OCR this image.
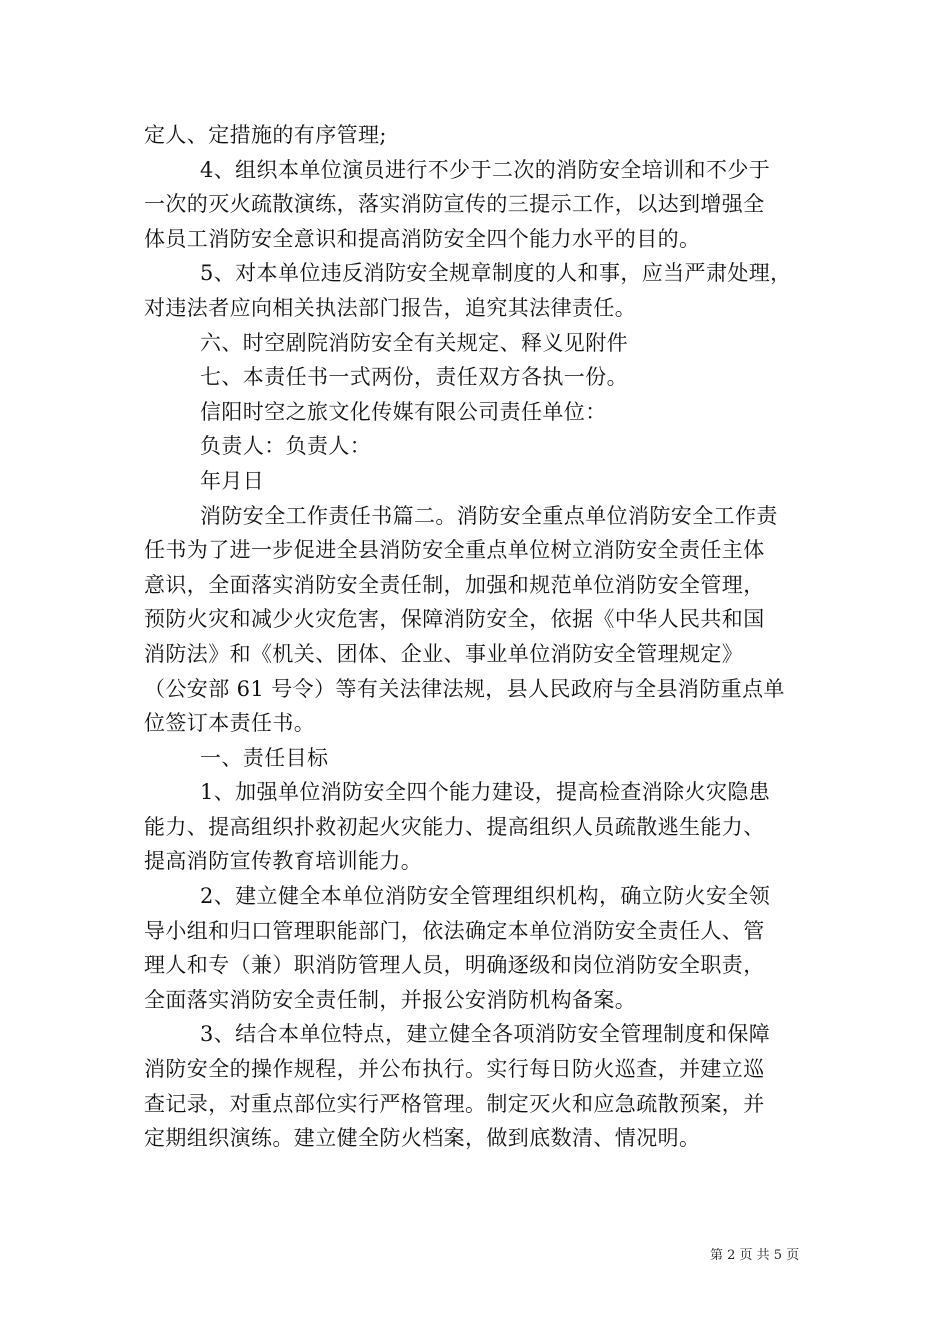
定人、定措施的有序管理;
4、组织本单位演员进行不少于二次的消防安全培训和不少于
一次的灭火疏散演练，落实消防宣传的三提示工作，以达到增强全
体员工消防安全意识和提高消防安全四个能力水平的目的。
5、对本单位违反消防安全规章制度的人和事，应当严肃处理，
对违法者应向相关执法部门报告，追究其法律责任。
六、时空剧院消防安全有关规定、释义见附件
七、本责任书一式两份，责任双方各执一份。
信阳时空之旅文化传媒有限公司责任单位：
负责人：负责人：
年月日
消防安全工作责任书篇二。消防安全重点单位消防安全工作责
任书为了进一步促进全县消防安全重点单位树立消防安全责任主体
意识，全面落实消防安全责任制，加强和规范单位消防安全管理，
预防火灾和减少火灾危害，保障消防安全，依据《中华人民共和国
消防法》和《机关、团体、企业、事业单位消防安全管理规定》
（公安部 61 号令）等有关法律法规，县人民政府与全县消防重点单
位签订本责任书。
一、责任目标
1、加强单位消防安全四个能力建设，提高检查消除火灾隐患
能力、提高组织扑救初起火灾能力、提高组织人员疏散逃生能力、
提高消防宣传教育培训能力。
2、建立健全本单位消防安全管理组织机构，确立防火安全领
导小组和归口管理职能部门，依法确定本单位消防安全责任人、管
理人和专（兼）职消防管理人员，明确逐级和岗位消防安全职责，
全面落实消防安全责任制，并报公安消防机构备案。
3、结合本单位特点，建立健全各项消防安全管理制度和保障
消防安全的操作规程，并公布执行。实行每日防火巡查，并建立巡
查记录，对重点部位实行严格管理。制定灭火和应急疏散预案，并
定期组织演练。建立健全防火档案，做到底数清、情况明。
第 2 页 共 5 页
